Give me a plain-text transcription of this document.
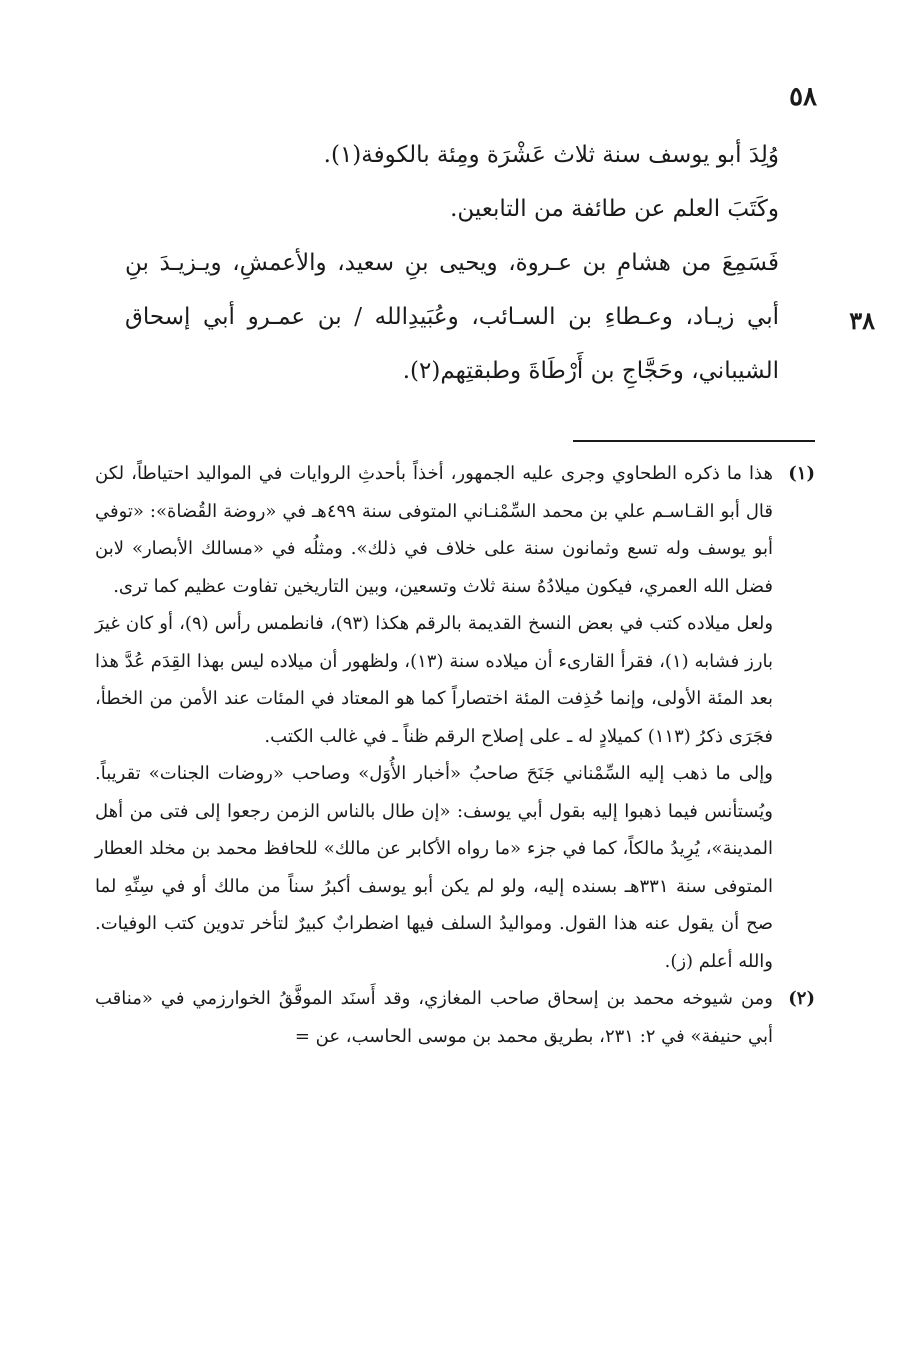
٥٨

وُلِدَ أبو يوسف سنة ثلاث عَشْرَة ومِئة بالكوفة(١).

وكَتَبَ العلم عن طائفة من التابعين.

فَسَمِعَ من هشامِ بن عـروة، ويحيى بنِ سعيد، والأعمشِ، ويـزيـدَ بنِ أبي زيـاد، وعـطاءِ بن السـائب، وعُبَيدِالله / بن عمـرو أبي إسحاق الشيباني، وحَجَّاجِ بن أَرْطَاةَ وطبقتِهم(٢).

٣٨
(١)

هذا ما ذكره الطحاوي وجرى عليه الجمهور، أخذاً بأحدثِ الروايات في المواليد احتياطاً، لكن قال أبو القـاسـم علي بن محمد السِّمْنـاني المتوفى سنة ٤٩٩هـ في «روضة القُضاة»: «توفي أبو يوسف وله تسع وثمانون سنة على خلاف في ذلك». ومثلُه في «مسالك الأبصار» لابن فضل الله العمري، فيكون ميلادُهُ سنة ثلاث وتسعين، وبين التاريخين تفاوت عظيم كما ترى.

ولعل ميلاده كتب في بعض النسخ القديمة بالرقم هكذا (٩٣)، فانطمس رأس (٩)، أو كان غيرَ بارز فشابه (١)، فقرأ القارىء أن ميلاده سنة (١٣)، ولظهور أن ميلاده ليس بهذا القِدَم عُدَّ هذا بعد المئة الأولى، وإنما حُذِفت المئة اختصاراً كما هو المعتاد في المئات عند الأمن من الخطأ، فجَرَى ذكرُ (١١٣) كميلادٍ له ـ على إصلاح الرقم ظناً ـ في غالب الكتب.

وإلى ما ذهب إليه السِّمْناني جَنَحَ صاحبُ «أخبار الأُوَل» وصاحب «روضات الجنات» تقريباً. ويُستأنس فيما ذهبوا إليه بقول أبي يوسف: «إن طال بالناس الزمن رجعوا إلى فتى من أهل المدينة»، يُرِيدُ مالكاً، كما في جزء «ما رواه الأكابر عن مالك» للحافظ محمد بن مخلد العطار المتوفى سنة ٣٣١هـ بسنده إليه، ولو لم يكن أبو يوسف أكبرُ سناً من مالك أو في سِنِّهِ لما صح أن يقول عنه هذا القول. ومواليدُ السلف فيها اضطرابٌ كبيرٌ لتأخر تدوين كتب الوفيات. والله أعلم (ز).

(٢)

ومن شيوخه محمد بن إسحاق صاحب المغازي، وقد أَسنَد الموفَّقُ الخوارزمي في «مناقب أبي حنيفة» في ٢: ٢٣١، بطريق محمد بن موسى الحاسب، عن =
